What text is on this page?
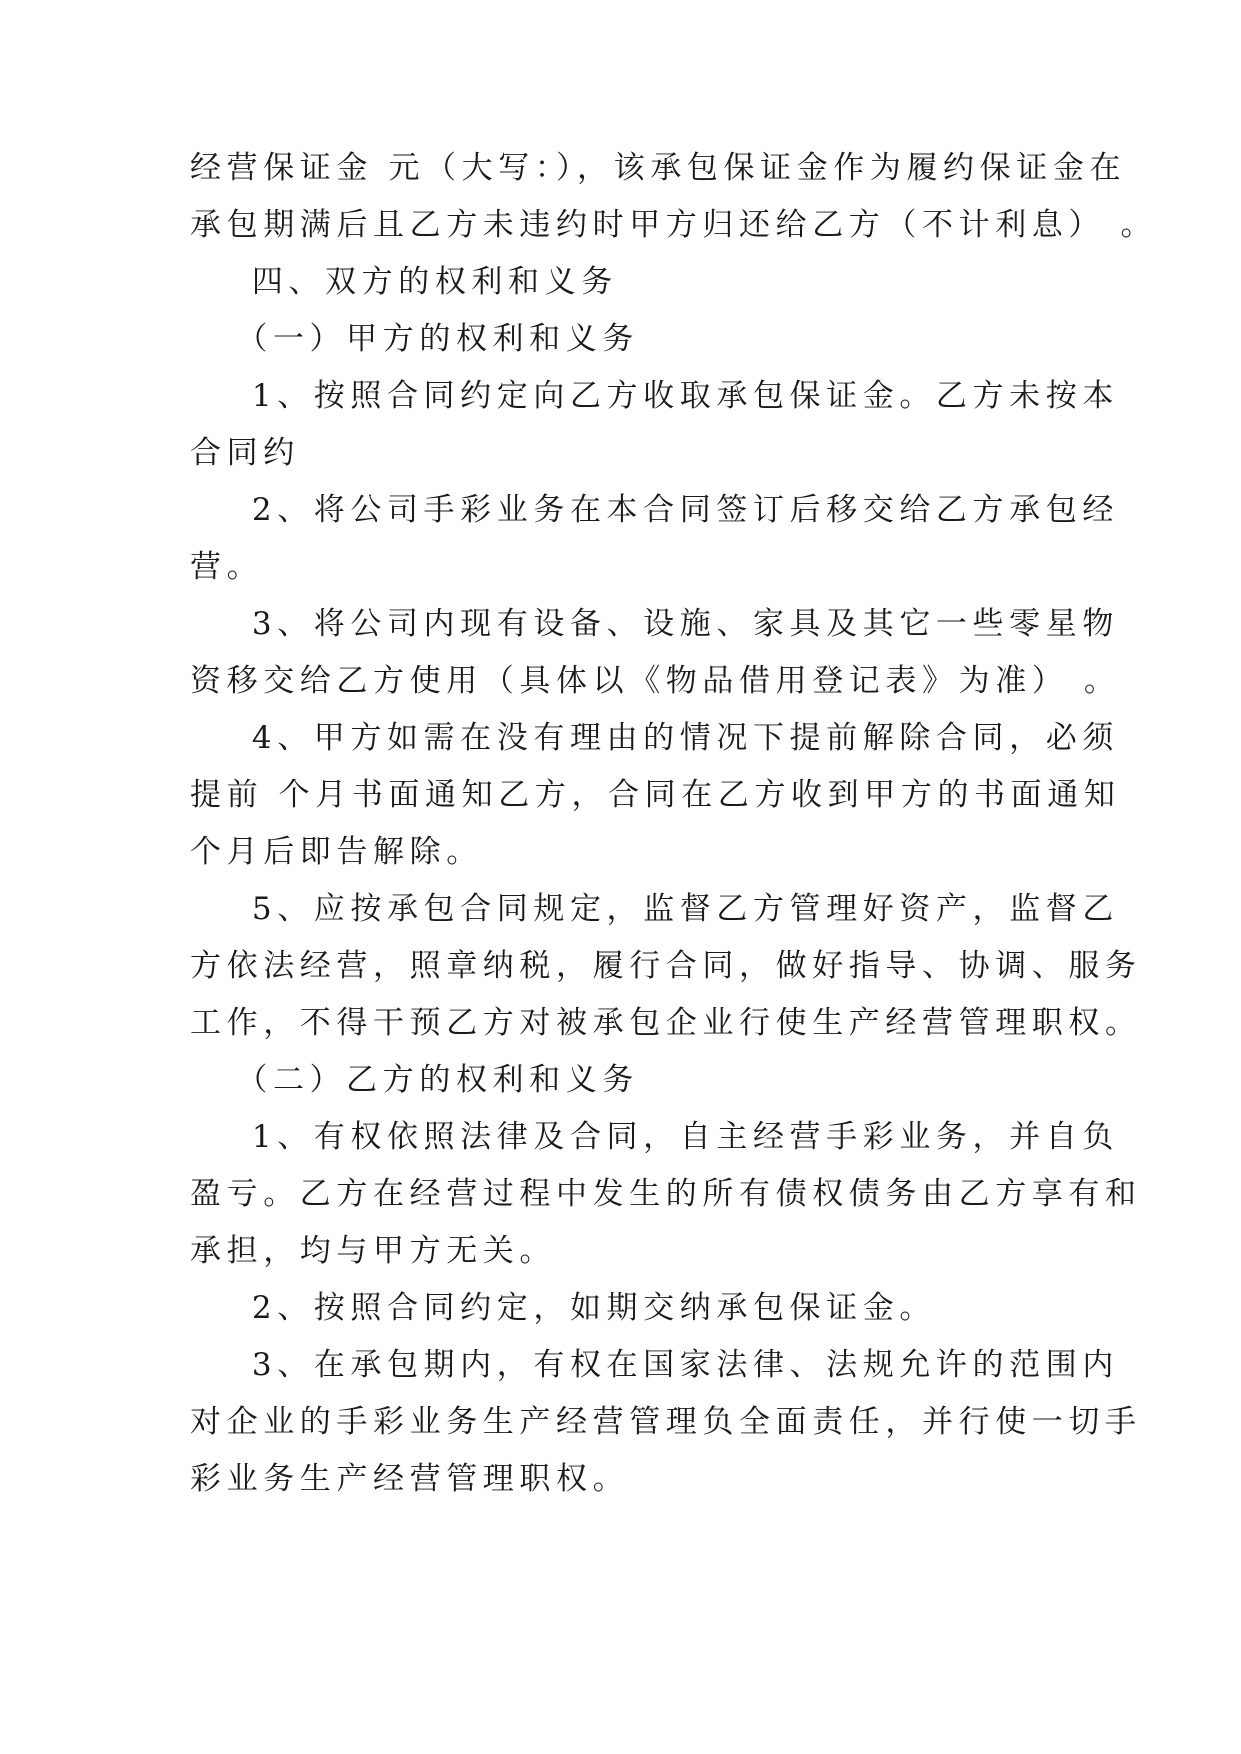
经营保证金 元（大写：），该承包保证金作为履约保证金在

承包期满后且乙方未违约时甲方归还给乙方（不计利息） 。

四、双方的权利和义务

（一）甲方的权利和义务

1、按照合同约定向乙方收取承包保证金。乙方未按本

合同约

2、将公司手彩业务在本合同签订后移交给乙方承包经

营。

3、将公司内现有设备、设施、家具及其它一些零星物

资移交给乙方使用（具体以《物品借用登记表》为准） 。

4、甲方如需在没有理由的情况下提前解除合同，必须

提前 个月书面通知乙方，合同在乙方收到甲方的书面通知

个月后即告解除。

5、应按承包合同规定，监督乙方管理好资产，监督乙

方依法经营，照章纳税，履行合同，做好指导、协调、服务

工作，不得干预乙方对被承包企业行使生产经营管理职权。

（二）乙方的权利和义务

1、有权依照法律及合同，自主经营手彩业务，并自负

盈亏。乙方在经营过程中发生的所有债权债务由乙方享有和

承担，均与甲方无关。

2、按照合同约定，如期交纳承包保证金。

3、在承包期内，有权在国家法律、法规允许的范围内

对企业的手彩业务生产经营管理负全面责任，并行使一切手

彩业务生产经营管理职权。
